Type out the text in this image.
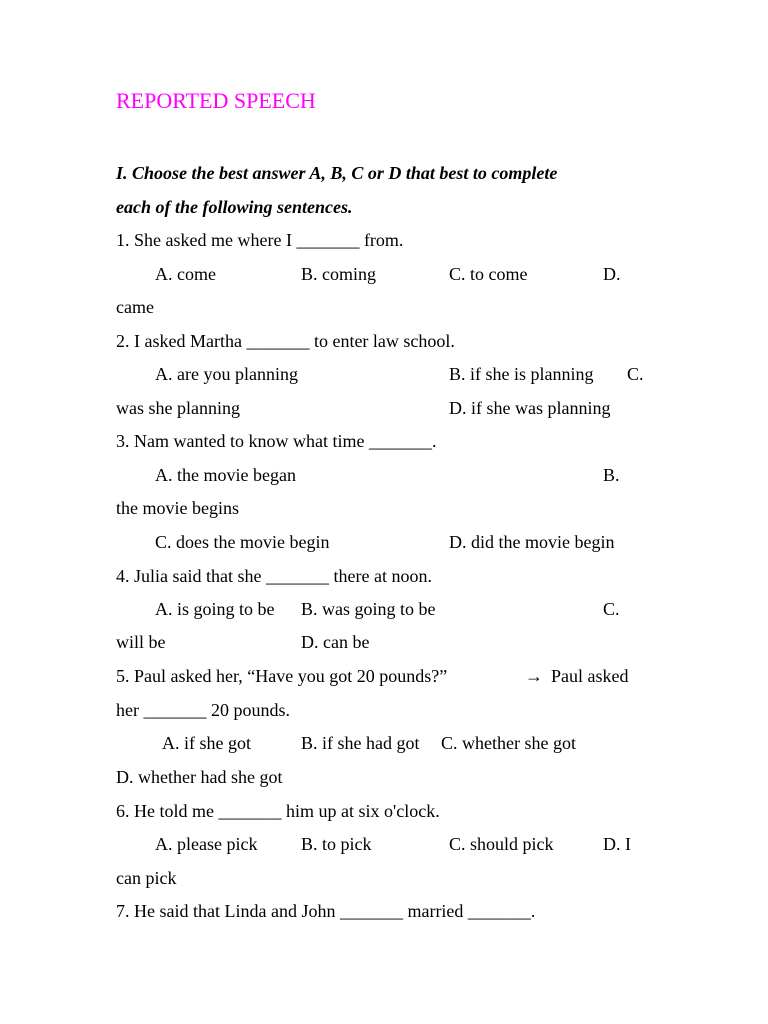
REPORTED SPEECH
I. Choose the best answer A, B, C or D that best to complete
each of the following sentences.
1. She asked me where I _______ from.
A. come	B. coming	C. to come	D.
came
2. I asked Martha _______ to enter law school.
A. are you planning	B. if she is planning C.
was she planning	D. if she was planning
3. Nam wanted to know what time _______.
A. the movie began	B.
the movie begins
C. does the movie begin	D. did the movie begin
4. Julia said that she _______ there at noon.
A. is going to be B. was going to be	C.
will be	D. can be
5. Paul asked her, “Have you got 20 pounds?”	→ Paul asked
her _______ 20 pounds.
A. if she got	B. if she had got C. whether she got
D. whether had she got
6. He told me _______ him up at six o'clock.
A. please pick B. to pick	C. should pick	D. I
can pick
7. He said that Linda and John _______ married _______.
